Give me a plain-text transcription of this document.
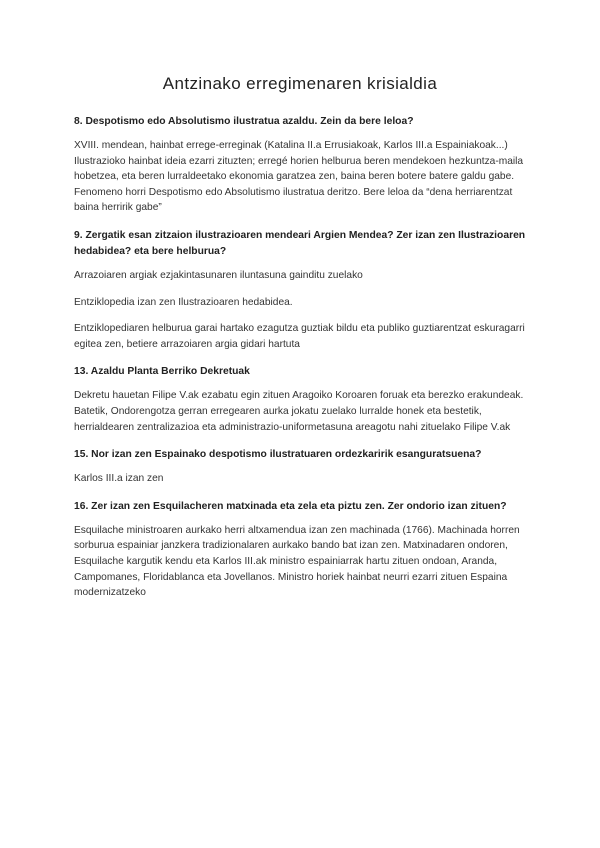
Antzinako erregimenaren krisialdia

8. Despotismo edo Absolutismo ilustratua azaldu. Zein da bere leloa?

XVIII. mendean, hainbat errege-erreginak (Katalina II.a Errusiakoak, Karlos III.a Espainiakoak...) Ilustrazioko hainbat ideia ezarri zituzten; erregé horien helburua beren mendekoen hezkuntza-maila hobetzea, eta beren lurraldeetako ekonomia garatzea zen, baina beren botere batere galdu gabe. Fenomeno horri Despotismo edo Absolutismo ilustratua deritzo. Bere leloa da “dena herriarentzat baina herririk gabe”

9. Zergatik esan zitzaion ilustrazioaren mendeari Argien Mendea? Zer izan zen Ilustrazioaren hedabidea? eta bere helburua?

Arrazoiaren argiak ezjakintasunaren iluntasuna gainditu zuelako

Entziklopedia izan zen Ilustrazioaren hedabidea.

Entziklopediaren helburua garai hartako ezagutza guztiak bildu eta publiko guztiarentzat eskuragarri egitea zen, betiere arrazoiaren argia gidari hartuta

13. Azaldu Planta Berriko Dekretuak

Dekretu hauetan Filipe V.ak ezabatu egin zituen Aragoiko Koroaren foruak eta berezko erakundeak. Batetik, Ondorengotza gerran erregearen aurka jokatu zuelako lurralde honek eta bestetik, herrialdearen zentralizazioa eta administrazio-uniformetasuna areagotu nahi zituelako Filipe V.ak

15. Nor izan zen Espainako despotismo ilustratuaren ordezkaririk esanguratsuena?

Karlos III.a izan zen

16. Zer izan zen Esquilacheren matxinada eta zela eta piztu zen. Zer ondorio izan zituen?

Esquilache ministroaren aurkako herri altxamendua izan zen machinada (1766). Machinada horren sorburua espainiar janzkera tradizionalaren aurkako bando bat izan zen. Matxinadaren ondoren, Esquilache kargutik kendu eta Karlos III.ak ministro espainiarrak hartu zituen ondoan, Aranda, Campomanes, Floridablanca eta Jovellanos. Ministro horiek hainbat neurri ezarri zituen Espaina modernizatzeko
